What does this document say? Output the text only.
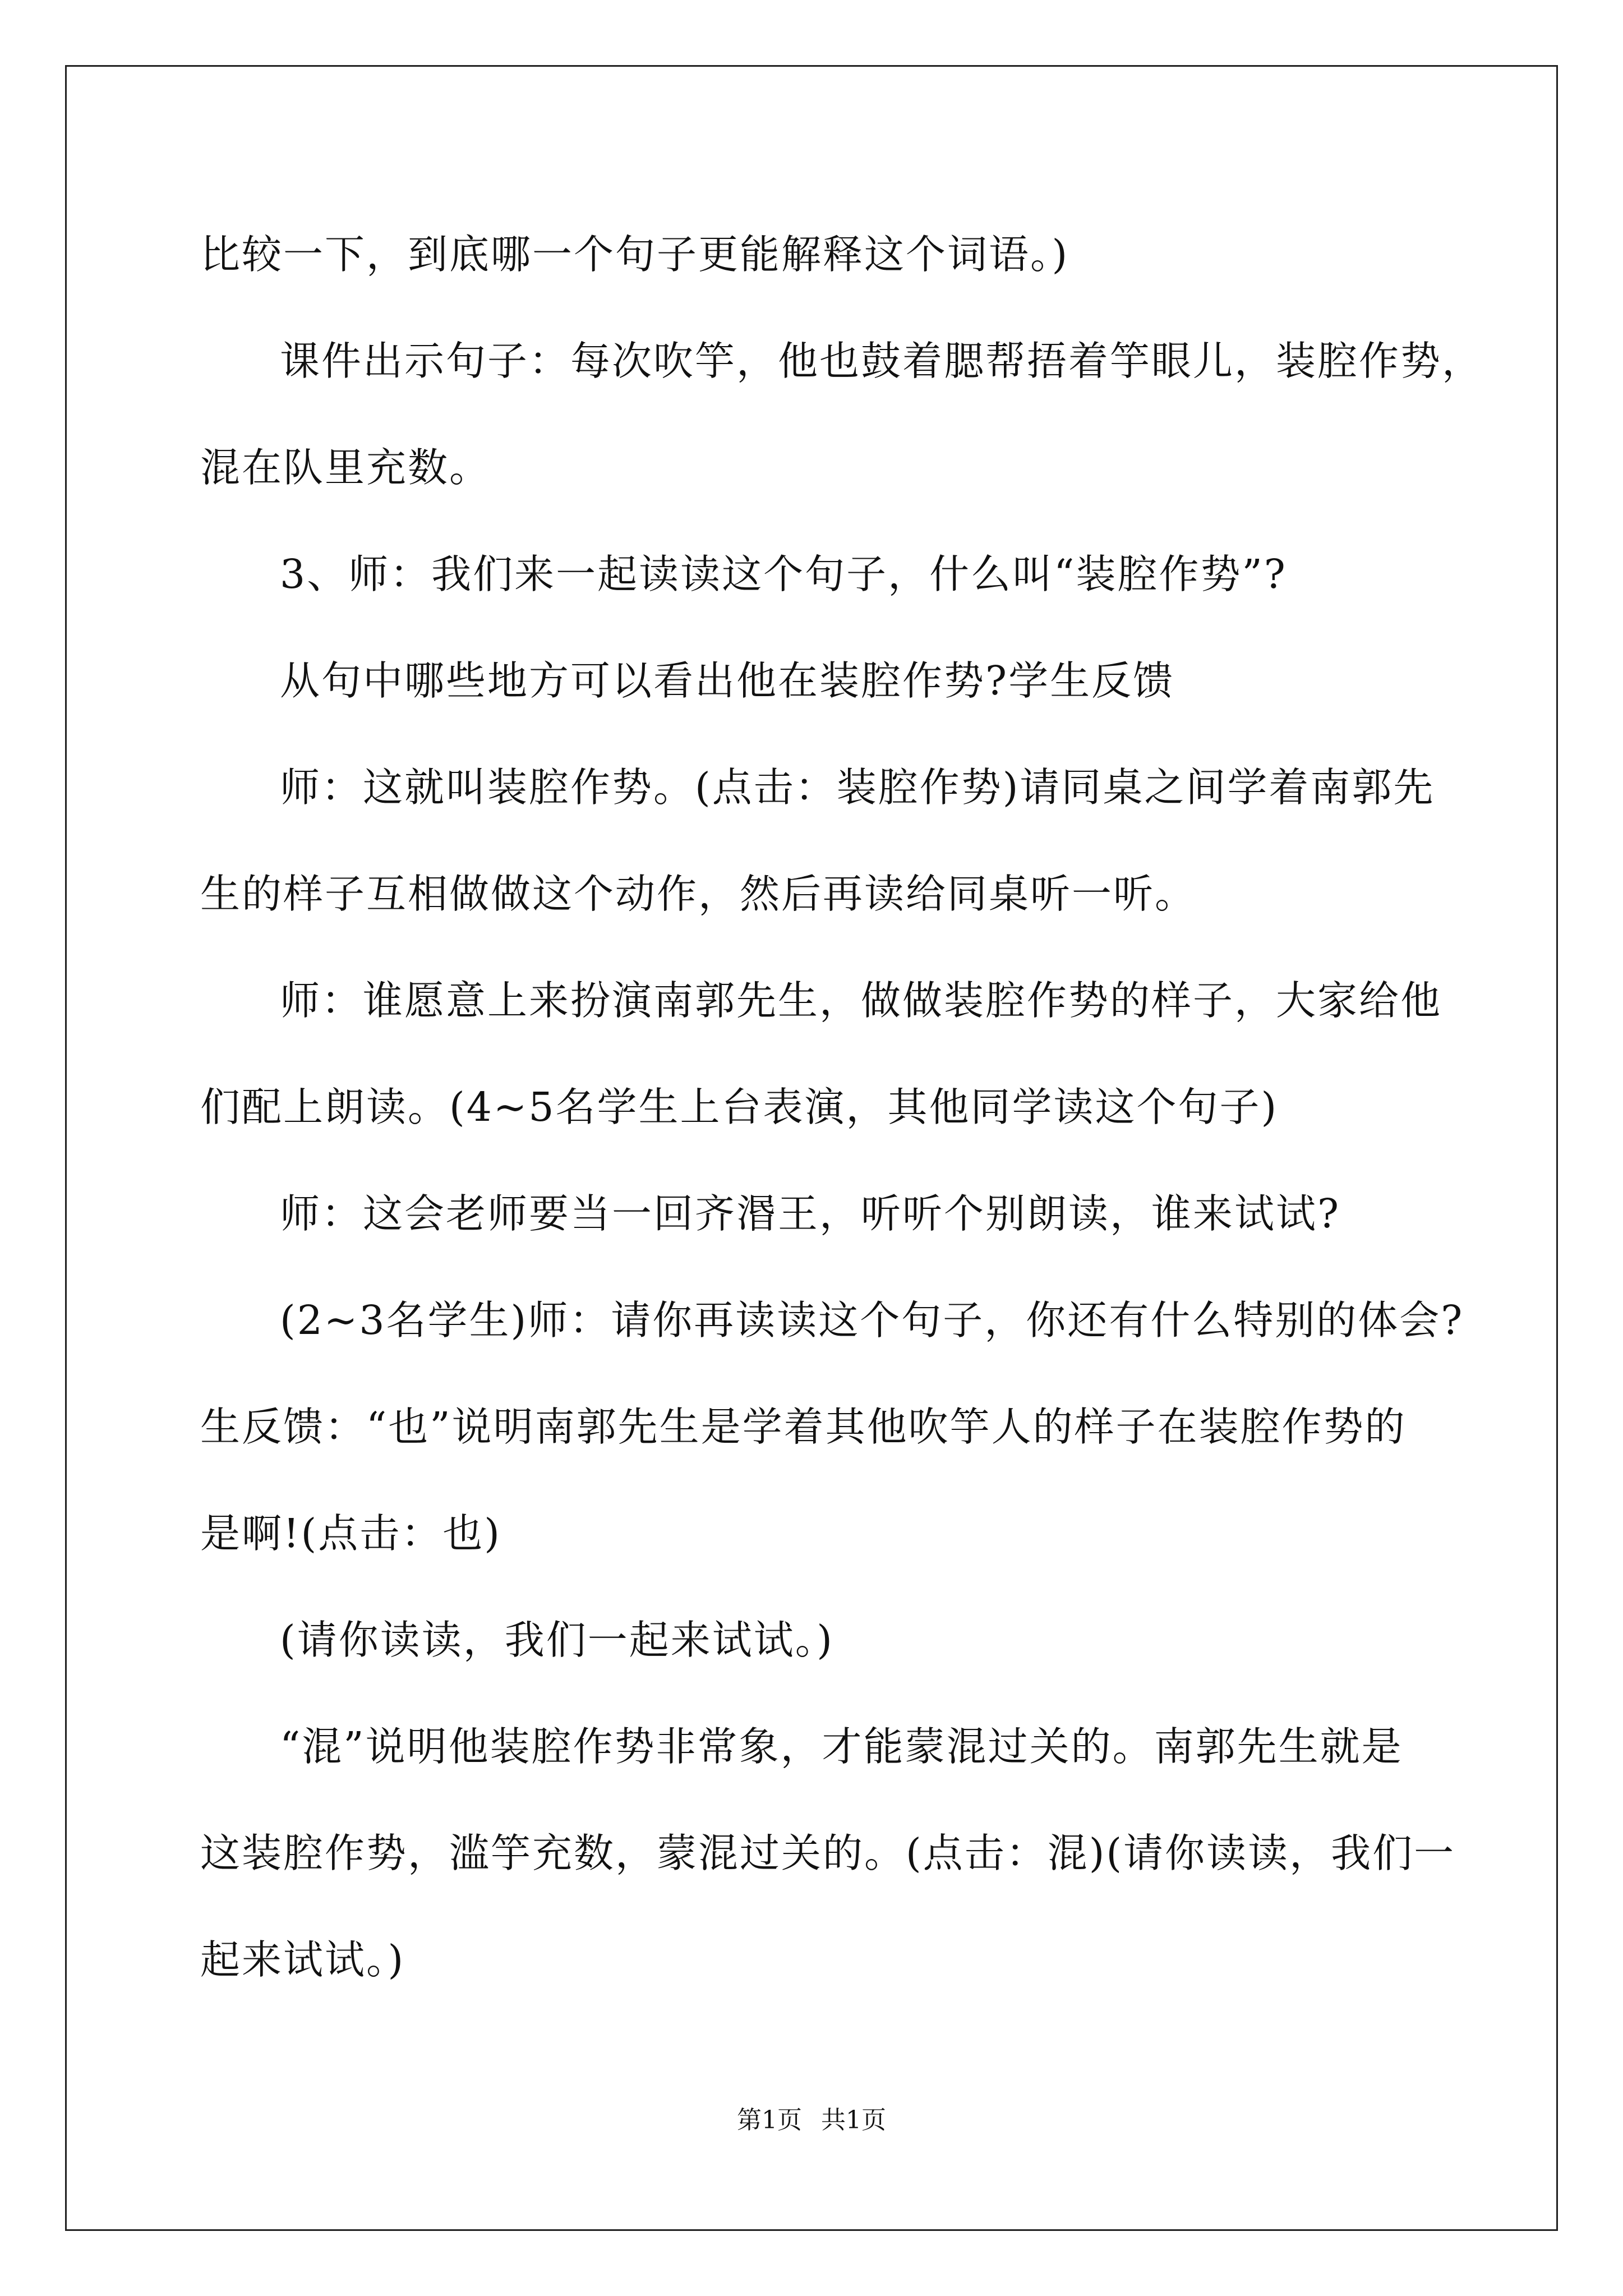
比较一下，到底哪一个句子更能解释这个词语。)
课件出示句子：每次吹竽，他也鼓着腮帮捂着竽眼儿，装腔作势，
混在队里充数。
3、师：我们来一起读读这个句子，什么叫“装腔作势”?
从句中哪些地方可以看出他在装腔作势?学生反馈
师：这就叫装腔作势。(点击：装腔作势)请同桌之间学着南郭先
生的样子互相做做这个动作，然后再读给同桌听一听。
师：谁愿意上来扮演南郭先生，做做装腔作势的样子，大家给他
们配上朗读。(4~5名学生上台表演，其他同学读这个句子)
师：这会老师要当一回齐湣王，听听个别朗读，谁来试试?
(2~3名学生)师：请你再读读这个句子，你还有什么特别的体会?
生反馈：“也”说明南郭先生是学着其他吹竽人的样子在装腔作势的
是啊!(点击：也)
(请你读读，我们一起来试试。)
“混”说明他装腔作势非常象，才能蒙混过关的。南郭先生就是
这装腔作势，滥竽充数，蒙混过关的。(点击：混)(请你读读，我们一
起来试试。)
第1页 共1页
